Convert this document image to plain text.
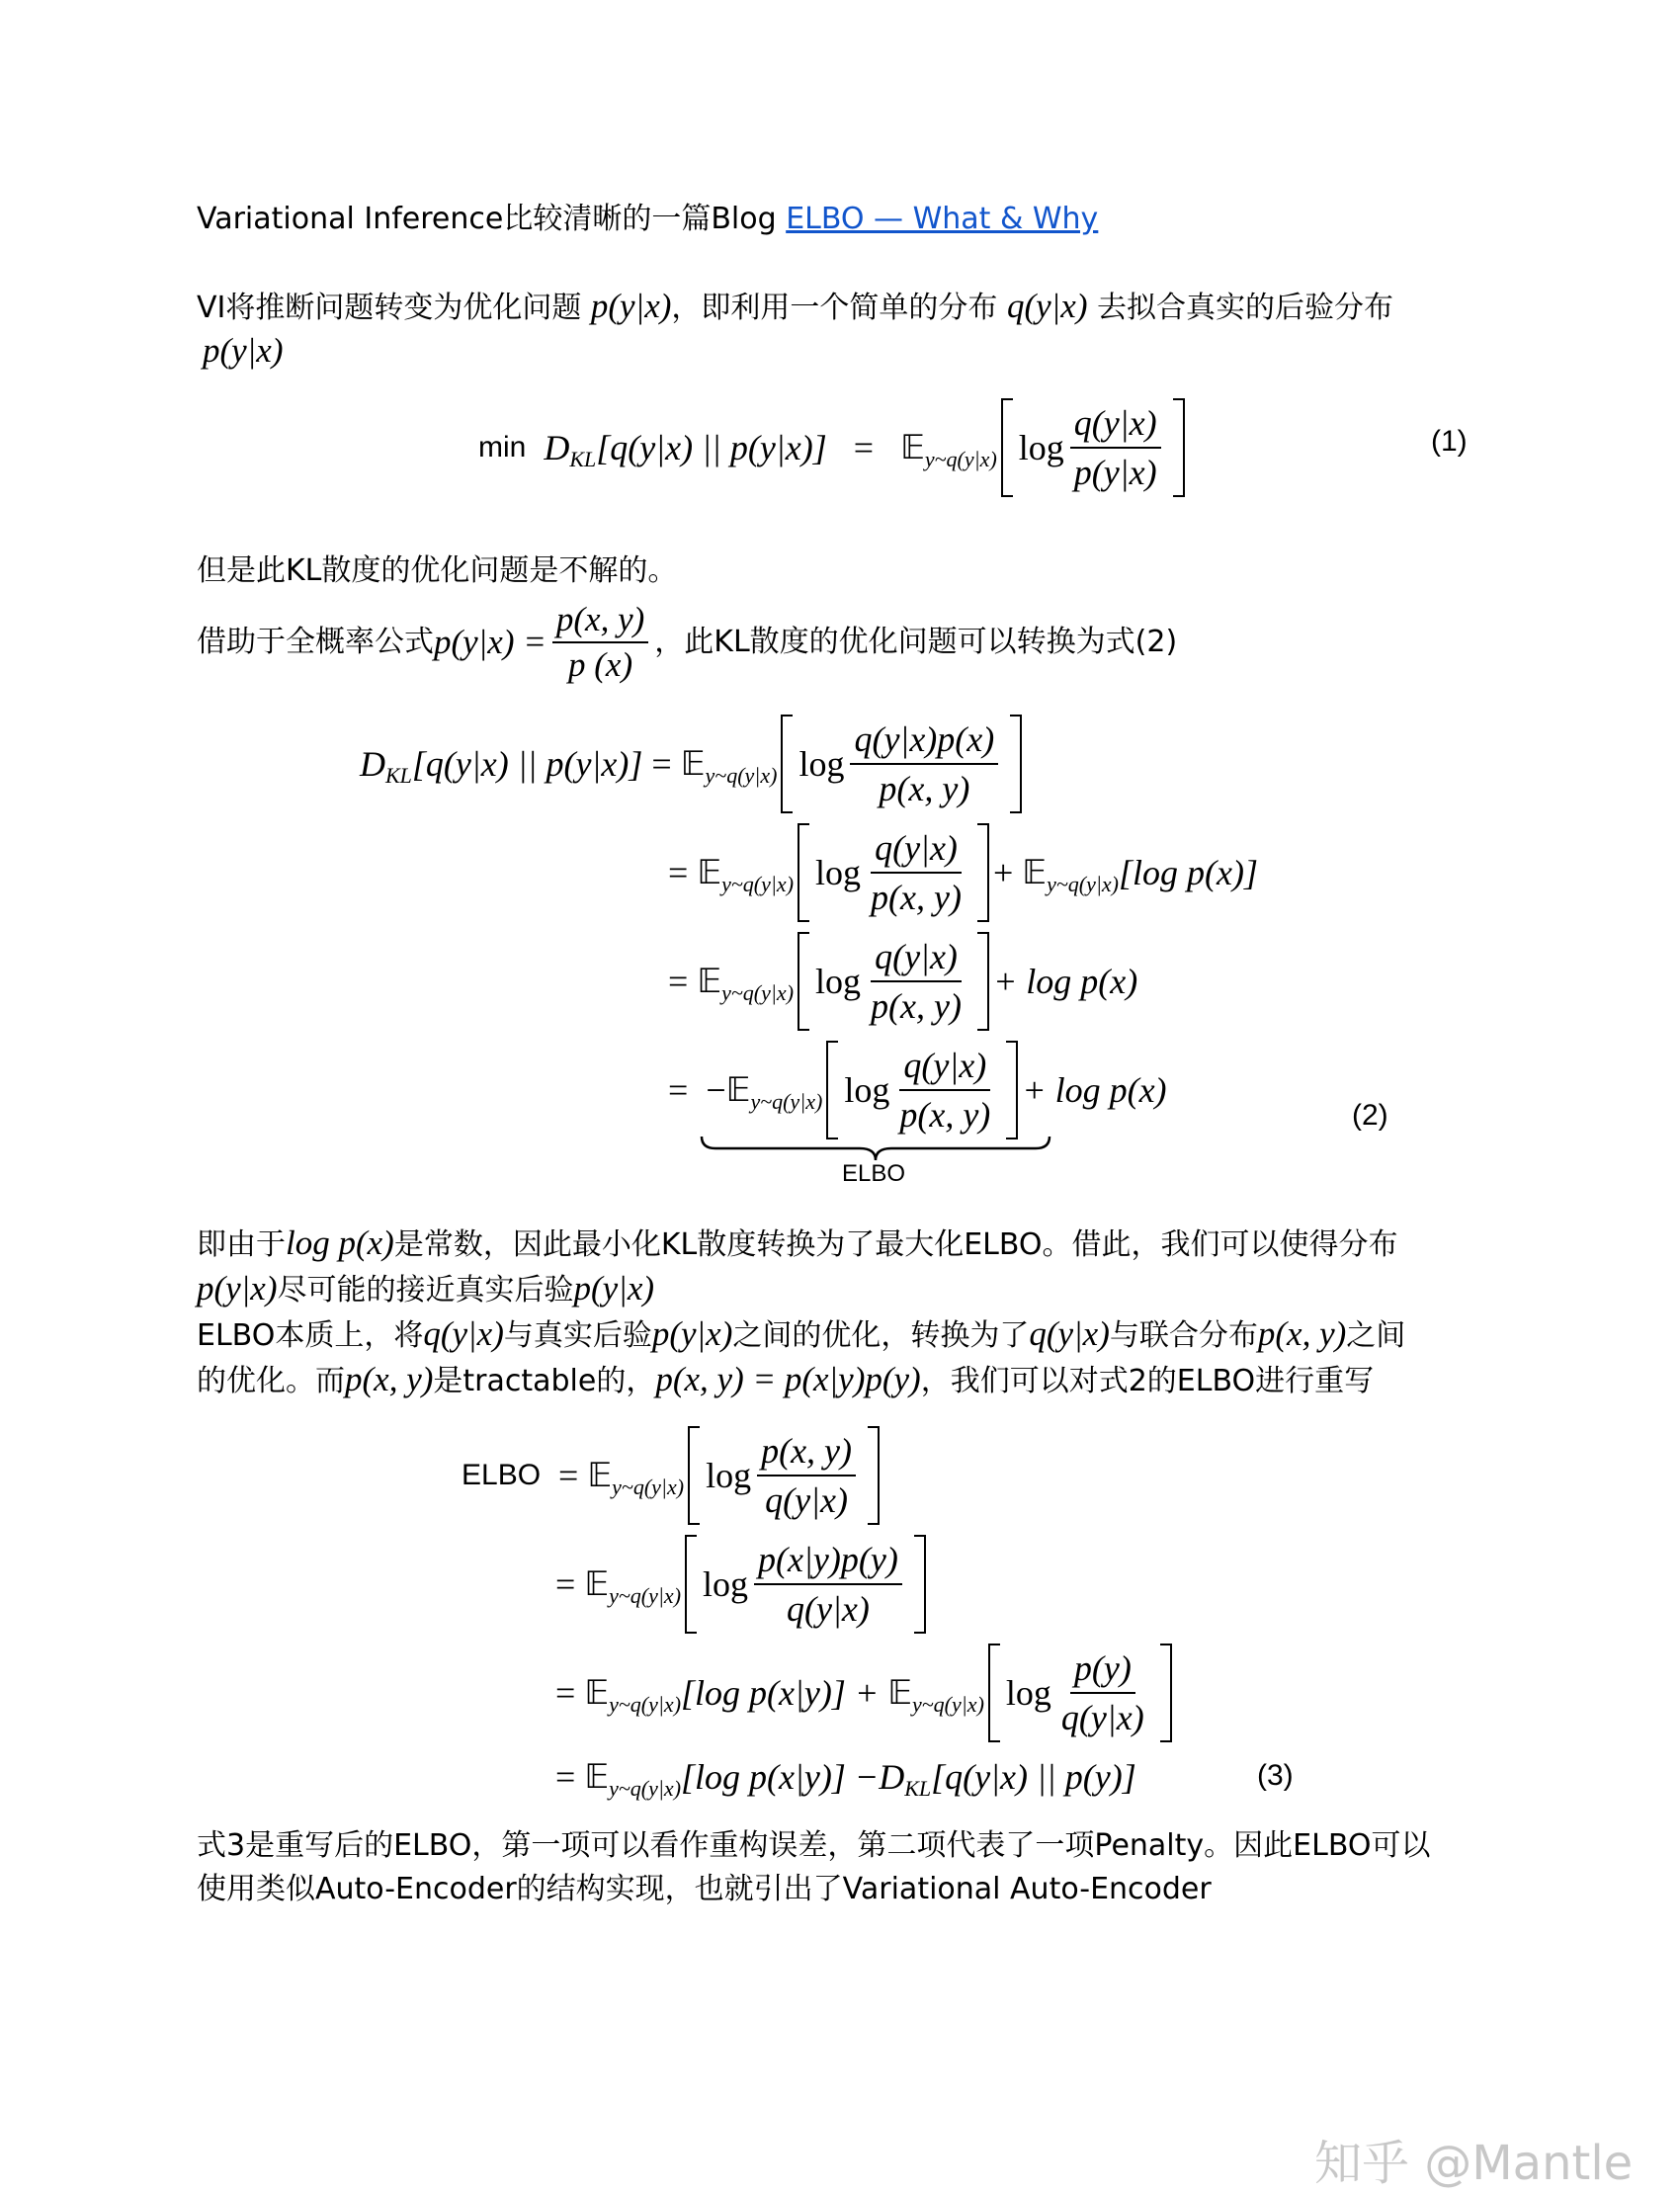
Variational Inference比较清晰的一篇Blog ELBO — What & Why
VI将推断问题转变为优化问题 p(y|x)，即利用一个简单的分布 q(y|x) 去拟合真实的后验分布
p(y|x)
min
D KL [q(y|x) || p(y|x)]
=
𝔼 y~q(y|x) $\log \frac{q(y|x)}{p(y|x)}$	(1)
但是此KL散度的优化问题是不解的。
借助于全概率公式 $p(y|x) = \frac{p(x, y)}{p (x)}$ ，此KL散度的优化问题可以转换为式(2)
D KL [q(y|x) || p(y|x)]
=
𝔼 y~q(y|x) $\log \frac{q(y|x)p(x)}{p(x, y)}$
=
𝔼 y~q(y|x) $\log \frac{q(y|x)}{p(x, y)}$ +
𝔼 y~q(y|x) [log p(x)]
=
𝔼 y~q(y|x) $\log \frac{q(y|x)}{p(x, y)} + \log p(x)$
=
− 𝔼 y~q(y|x) $\log \frac{q(y|x)}{p(x, y)} + \log p(x)$
ELBO
(2)
即由于log p(x)是常数，因此最小化KL散度转换为了最大化ELBO。借此，我们可以使得分布
p(y|x)尽可能的接近真实后验p(y|x)
ELBO本质上，将q(y|x)与真实后验p(y|x)之间的优化，转换为了q(y|x)与联合分布p(x, y)之间
的优化。而p(x, y)是tractable的，p(x, y) = p(x|y)p(y)，我们可以对式2的ELBO进行重写
ELBO
=
𝔼 y~q(y|x) $\log \frac{p(x, y)}{q(y|x)}$
=
𝔼 y~q(y|x) $\log \frac{p(x|y)p(y)}{q(y|x)}$
=
𝔼 y~q(y|x) [log p(x|y)] +
𝔼 y~q(y|x) $\log \frac{p(y)}{q(y|x)}$
=
𝔼 y~q(y|x) [log p(x|y)] − D KL [q(y|x) || p(y)]	(3)
式3是重写后的ELBO，第一项可以看作重构误差，第二项代表了一项Penalty。因此ELBO可以
使用类似Auto-Encoder的结构实现，也就引出了Variational Auto-Encoder
知乎 @Mantle
